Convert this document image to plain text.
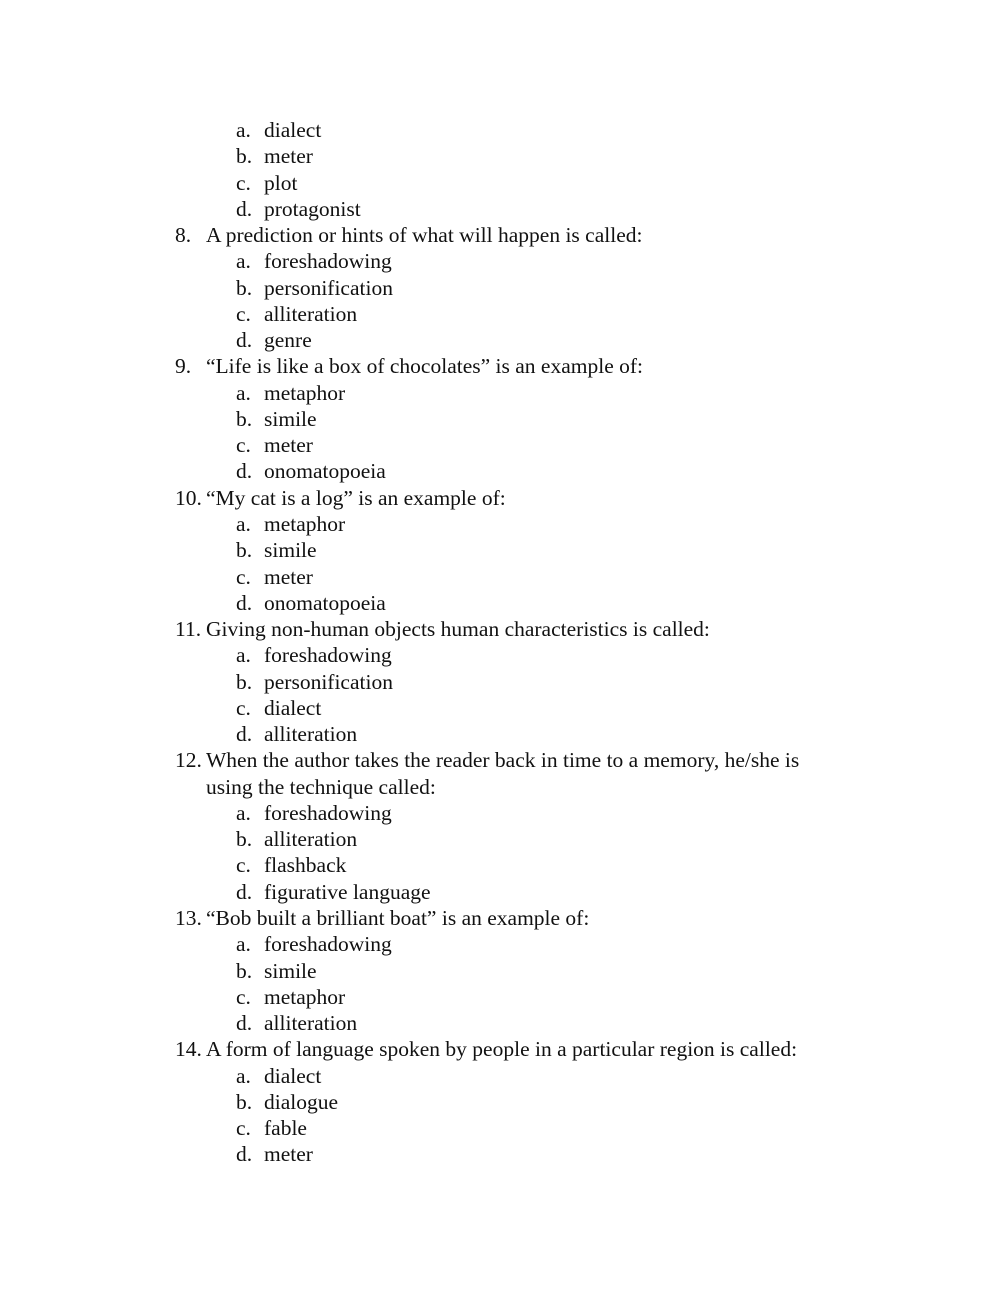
a. dialect
b. meter
c. plot
d. protagonist
8. A prediction or hints of what will happen is called:
a. foreshadowing
b. personification
c. alliteration
d. genre
9. “Life is like a box of chocolates” is an example of:
a. metaphor
b. simile
c. meter
d. onomatopoeia
10. “My cat is a log” is an example of:
a. metaphor
b. simile
c. meter
d. onomatopoeia
11. Giving non-human objects human characteristics is called:
a. foreshadowing
b. personification
c. dialect
d. alliteration
12. When the author takes the reader back in time to a memory, he/she is
using the technique called:
a. foreshadowing
b. alliteration
c. flashback
d. figurative language
13. “Bob built a brilliant boat” is an example of:
a. foreshadowing
b. simile
c. metaphor
d. alliteration
14. A form of language spoken by people in a particular region is called:
a. dialect
b. dialogue
c. fable
d. meter
